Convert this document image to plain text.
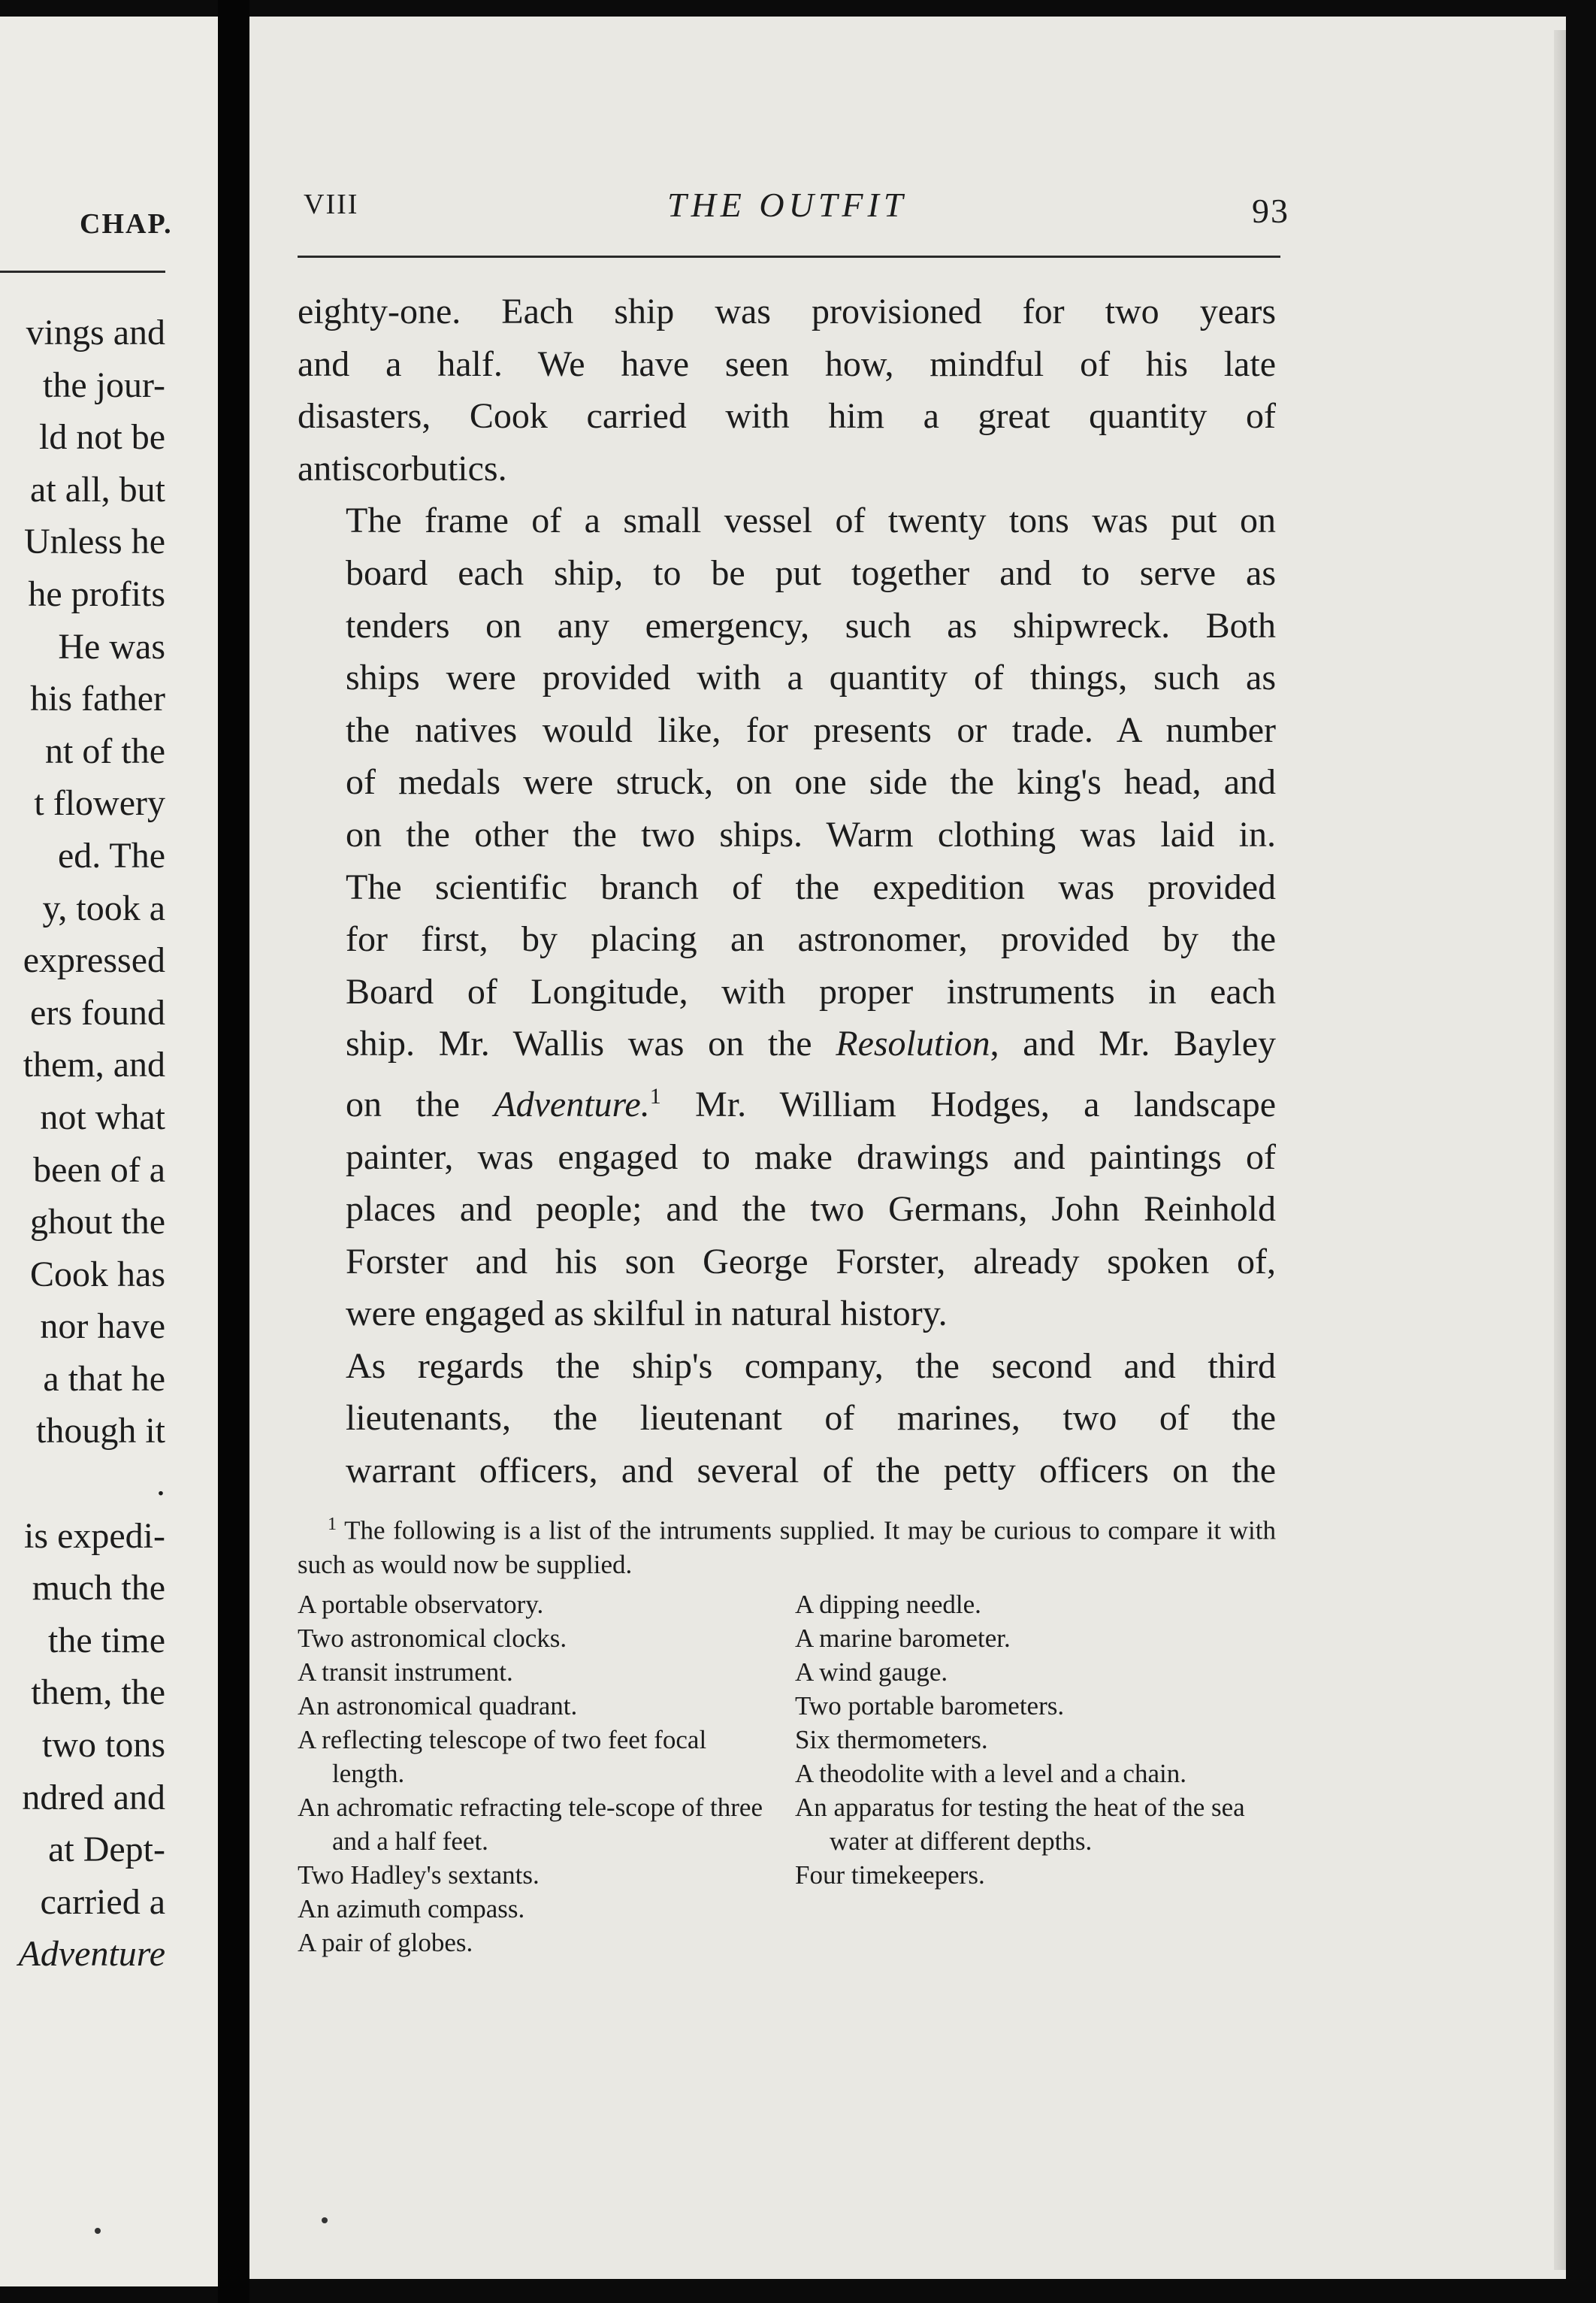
CHAP.
vings and
the jour-
ld not be
at all, but
Unless he
he profits
He was
his father
nt of the
t flowery
ed. The
y, took a
expressed
ers found
them, and
not what
been of a
ghout the
Cook has
nor have
a that he
though it
.
is expedi-
much the
the time
them, the
two tons
ndred and
at Dept-
carried a
Adventure
VIII	THE OUTFIT	93

eighty-one. Each ship was provisioned for two years
and a half. We have seen how, mindful of his late
disasters, Cook carried with him a great quantity of
antiscorbutics.

The frame of a small vessel of twenty tons was put on
board each ship, to be put together and to serve as
tenders on any emergency, such as shipwreck. Both
ships were provided with a quantity of things, such as
the natives would like, for presents or trade. A number
of medals were struck, on one side the king's head, and
on the other the two ships. Warm clothing was laid in.

The scientific branch of the expedition was provided
for first, by placing an astronomer, provided by the
Board of Longitude, with proper instruments in each
ship. Mr. Wallis was on the Resolution, and Mr. Bayley
on the Adventure.$^1$ Mr. William Hodges, a landscape
painter, was engaged to make drawings and paintings of
places and people; and the two Germans, John Reinhold
Forster and his son George Forster, already spoken of,
were engaged as skilful in natural history.

As regards the ship's company, the second and third
lieutenants, the lieutenant of marines, two of the
warrant officers, and several of the petty officers on the

$^1$ The following is a list of the intruments supplied. It may be curious to compare it with such as would now be supplied.
A portable observatory.
Two astronomical clocks.
A transit instrument.
An astronomical quadrant.
A reflecting telescope of two feet focal length.
An achromatic refracting tele-scope of three and a half feet.
Two Hadley's sextants.
An azimuth compass.
A pair of globes.
A dipping needle.
A marine barometer.
A wind gauge.
Two portable barometers.
Six thermometers.
A theodolite with a level and a chain.
An apparatus for testing the heat of the sea water at different depths.
Four timekeepers.
